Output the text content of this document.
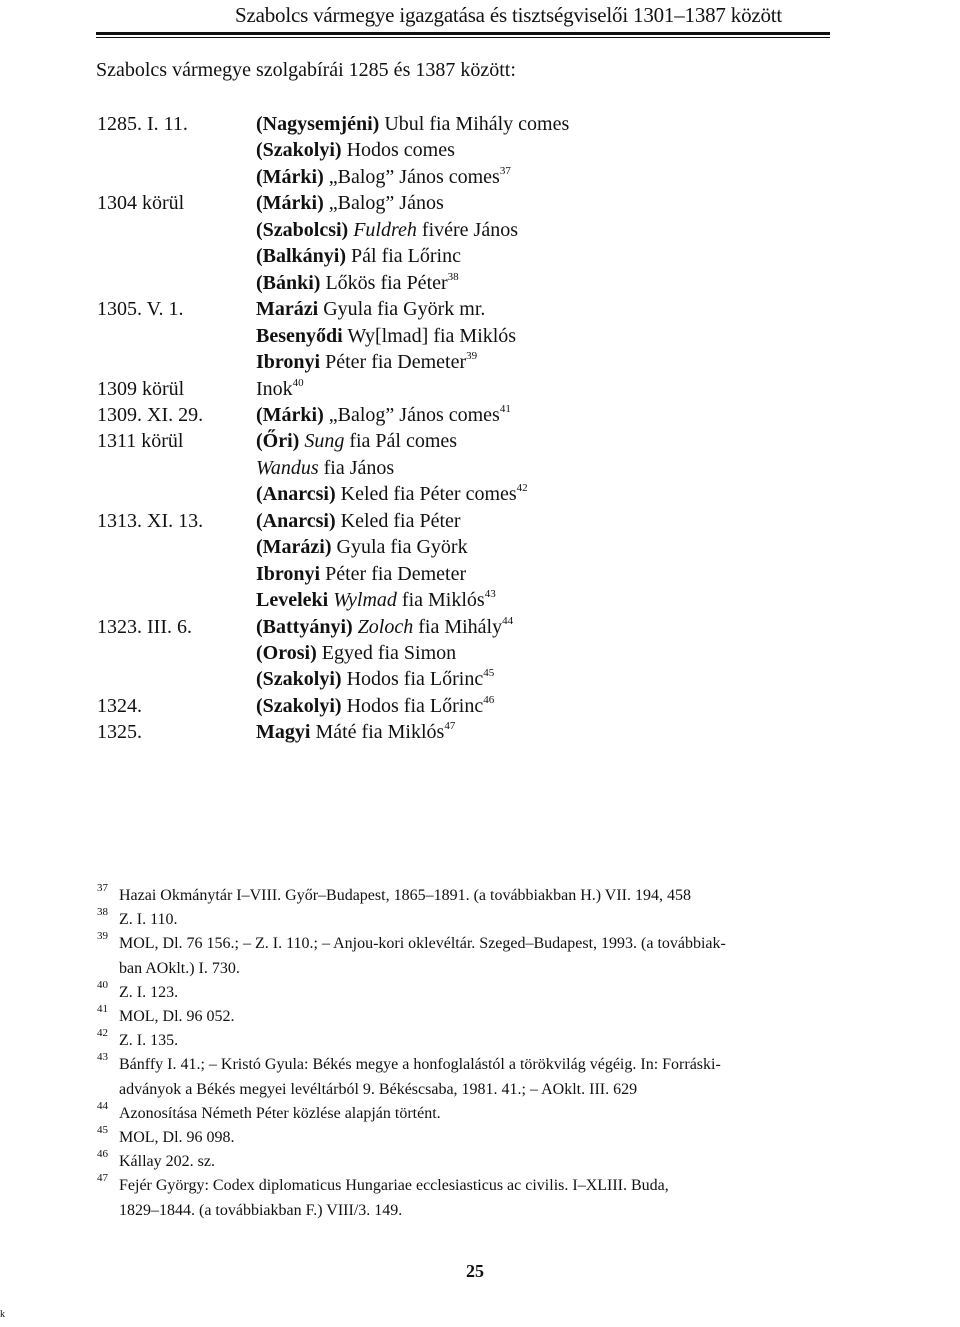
Szabolcs vármegye igazgatása és tisztségviselői 1301–1387 között
Szabolcs vármegye szolgabírái 1285 és 1387 között:
1285. I. 11.	(Nagysemjéni) Ubul fia Mihály comes
(Szakolyi) Hodos comes
(Márki) „Balog” János comes$^{37}$
1304 körül	(Márki) „Balog” János
(Szabolcsi) Fuldreh fivére János
(Balkányi) Pál fia Lőrinc
(Bánki) Lőkös fia Péter$^{38}$
1305. V. 1.	Marázi Gyula fia Györk mr.
Besenyődi Wy[lmad] fia Miklós
Ibronyi Péter fia Demeter$^{39}$
1309 körül	Inok$^{40}$
1309. XI. 29.	(Márki) „Balog” János comes$^{41}$
1311 körül	(Őri) Sung fia Pál comes
Wandus fia János
(Anarcsi) Keled fia Péter comes$^{42}$
1313. XI. 13.	(Anarcsi) Keled fia Péter
(Marázi) Gyula fia Györk
Ibronyi Péter fia Demeter
Leveleki Wylmad fia Miklós$^{43}$
1323. III. 6.	(Battyányi) Zoloch fia Mihály$^{44}$
(Orosi) Egyed fia Simon
(Szakolyi) Hodos fia Lőrinc$^{45}$
1324.	(Szakolyi) Hodos fia Lőrinc$^{46}$
1325.	Magyi Máté fia Miklós$^{47}$
37 Hazai Okmánytár I–VIII. Győr–Budapest, 1865–1891. (a továbbiakban H.) VII. 194, 458
38 Z. I. 110.
39 MOL, Dl. 76 156.; – Z. I. 110.; – Anjou-kori oklevéltár. Szeged–Budapest, 1993. (a továbbiak-
ban AOklt.) I. 730.
40 Z. I. 123.
41 MOL, Dl. 96 052.
42 Z. I. 135.
43 Bánffy I. 41.; – Kristó Gyula: Békés megye a honfoglalástól a törökvilág végéig. In: Forráski-
adványok a Békés megyei levéltárból 9. Békéscsaba, 1981. 41.; – AOklt. III. 629
44 Azonosítása Németh Péter közlése alapján történt.
45 MOL, Dl. 96 098.
46 Kállay 202. sz.
47 Fejér György: Codex diplomaticus Hungariae ecclesiasticus ac civilis. I–XLIII. Buda,
1829–1844. (a továbbiakban F.) VIII/3. 149.
25
k
